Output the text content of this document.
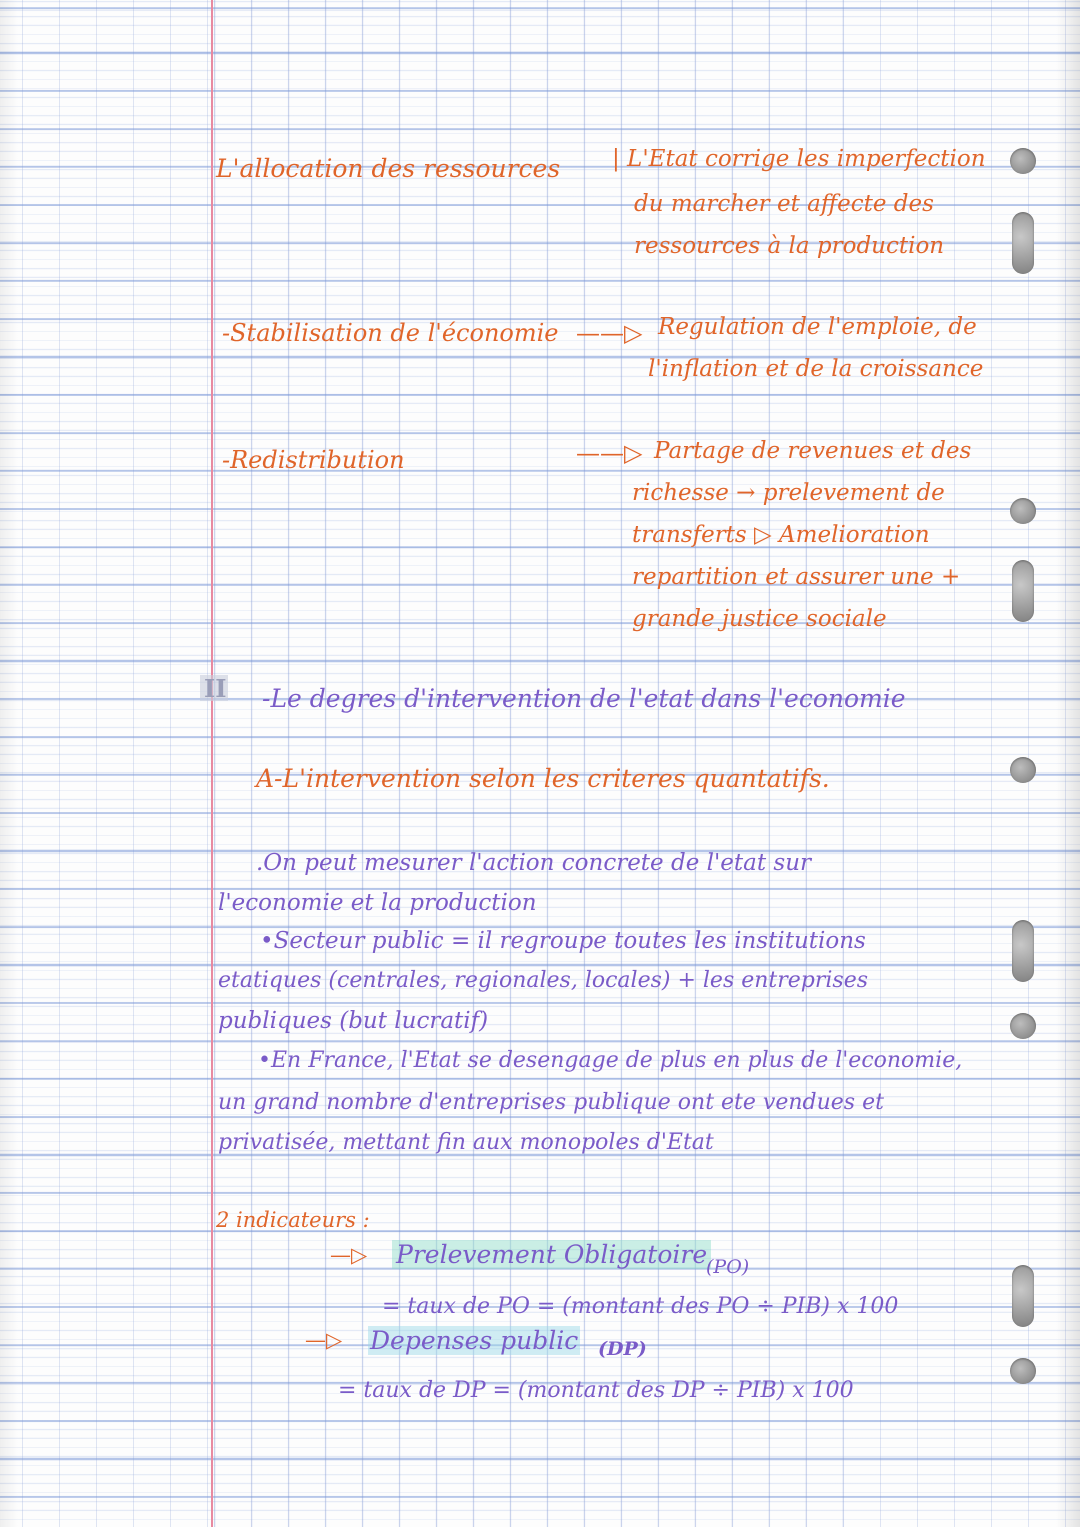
L'allocation des ressources | L'Etat corrige les imperfection
du marcher et affecte des
ressources à la production
-Stabilisation de l'économie ——▷ Regulation de l'emploie, de
l'inflation et de la croissance
-Redistribution	——▷ Partage de revenues et des
richesse → prelevement de
transferts ▷ Amelioration
repartition et assurer une +
grande justice sociale
II -Le degres d'intervention de l'etat dans l'economie
A-L'intervention selon les criteres quantatifs.
.On peut mesurer l'action concrete de l'etat sur
l'economie et la production
•Secteur public = il regroupe toutes les institutions
etatiques (centrales, regionales, locales) + les entreprises
publiques (but lucratif)
•En France, l'Etat se desengage de plus en plus de l'economie,
un grand nombre d'entreprises publique ont ete vendues et
privatisée, mettant fin aux monopoles d'Etat
2 indicateurs :
—▷ Prelevement Obligatoire
(PO)
= taux de PO = (montant des PO ÷ PIB) x 100
—▷ Depenses public (DP)
= taux de DP = (montant des DP ÷ PIB) x 100
